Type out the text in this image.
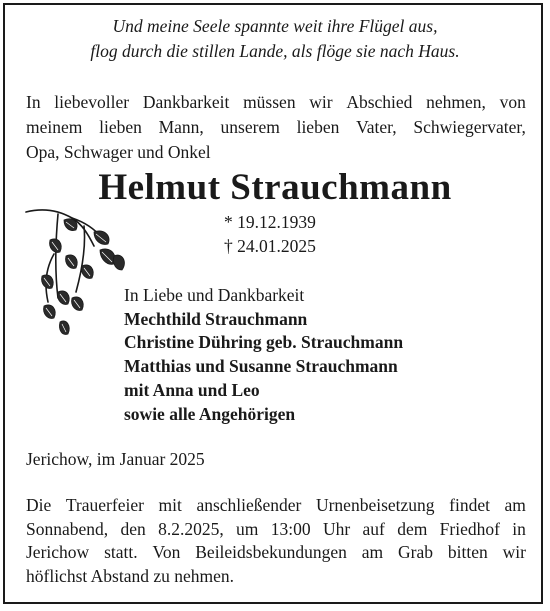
Und meine Seele spannte weit ihre Flügel aus,
flog durch die stillen Lande, als flöge sie nach Haus.
In liebevoller Dankbarkeit müssen wir Abschied nehmen, von
meinem lieben Mann, unserem lieben Vater, Schwiegervater,
Opa, Schwager und Onkel
Helmut Strauchmann
* 19.12.1939
† 24.01.2025
In Liebe und Dankbarkeit
Mechthild Strauchmann
Christine Dühring geb. Strauchmann
Matthias und Susanne Strauchmann
mit Anna und Leo
sowie alle Angehörigen
Jerichow, im Januar 2025
Die Trauerfeier mit anschließender Urnenbeisetzung findet am
Sonnabend, den 8.2.2025, um 13:00 Uhr auf dem Friedhof in
Jerichow statt. Von Beileidsbekundungen am Grab bitten wir
höflichst Abstand zu nehmen.
